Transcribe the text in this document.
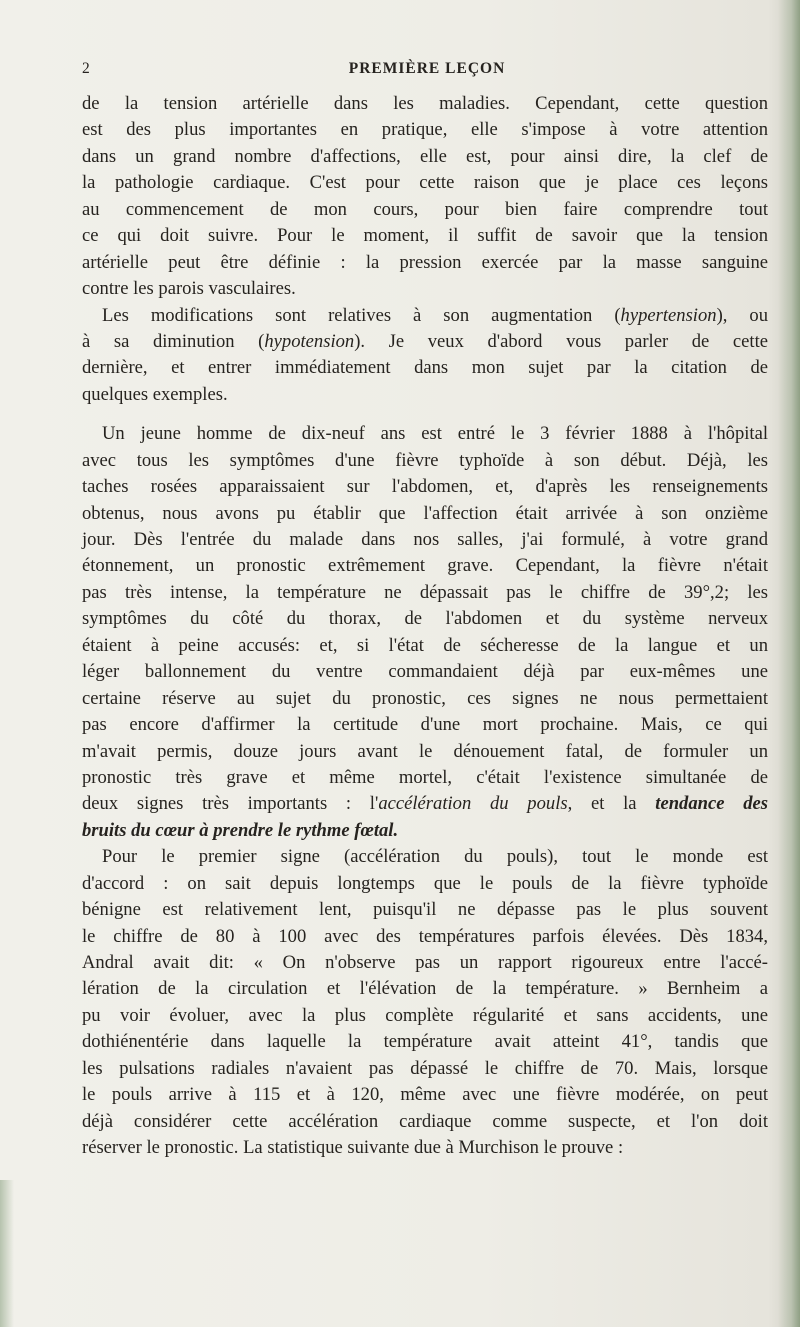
2	PREMIÈRE LEÇON
de la tension artérielle dans les maladies. Cependant, cette question
est des plus importantes en pratique, elle s'impose à votre attention
dans un grand nombre d'affections, elle est, pour ainsi dire, la clef de
la pathologie cardiaque. C'est pour cette raison que je place ces leçons
au commencement de mon cours, pour bien faire comprendre tout
ce qui doit suivre. Pour le moment, il suffit de savoir que la tension
artérielle peut être définie : la pression exercée par la masse sanguine
contre les parois vasculaires.
Les modifications sont relatives à son augmentation (hypertension), ou
à sa diminution (hypotension). Je veux d'abord vous parler de cette
dernière, et entrer immédiatement dans mon sujet par la citation de
quelques exemples.
Un jeune homme de dix-neuf ans est entré le 3 février 1888 à l'hôpital
avec tous les symptômes d'une fièvre typhoïde à son début. Déjà, les
taches rosées apparaissaient sur l'abdomen, et, d'après les renseignements
obtenus, nous avons pu établir que l'affection était arrivée à son onzième
jour. Dès l'entrée du malade dans nos salles, j'ai formulé, à votre grand
étonnement, un pronostic extrêmement grave. Cependant, la fièvre n'était
pas très intense, la température ne dépassait pas le chiffre de 39°,2; les
symptômes du côté du thorax, de l'abdomen et du système nerveux
étaient à peine accusés: et, si l'état de sécheresse de la langue et un
léger ballonnement du ventre commandaient déjà par eux-mêmes une
certaine réserve au sujet du pronostic, ces signes ne nous permettaient
pas encore d'affirmer la certitude d'une mort prochaine. Mais, ce qui
m'avait permis, douze jours avant le dénouement fatal, de formuler un
pronostic très grave et même mortel, c'était l'existence simultanée de
deux signes très importants : l'accélération du pouls, et la tendance des
bruits du cœur à prendre le rythme fœtal.
Pour le premier signe (accélération du pouls), tout le monde est
d'accord : on sait depuis longtemps que le pouls de la fièvre typhoïde
bénigne est relativement lent, puisqu'il ne dépasse pas le plus souvent
le chiffre de 80 à 100 avec des températures parfois élevées. Dès 1834,
Andral avait dit: « On n'observe pas un rapport rigoureux entre l'accé-
lération de la circulation et l'élévation de la température. » Bernheim a
pu voir évoluer, avec la plus complète régularité et sans accidents, une
dothiénentérie dans laquelle la température avait atteint 41°, tandis que
les pulsations radiales n'avaient pas dépassé le chiffre de 70. Mais, lorsque
le pouls arrive à 115 et à 120, même avec une fièvre modérée, on peut
déjà considérer cette accélération cardiaque comme suspecte, et l'on doit
réserver le pronostic. La statistique suivante due à Murchison le prouve :
